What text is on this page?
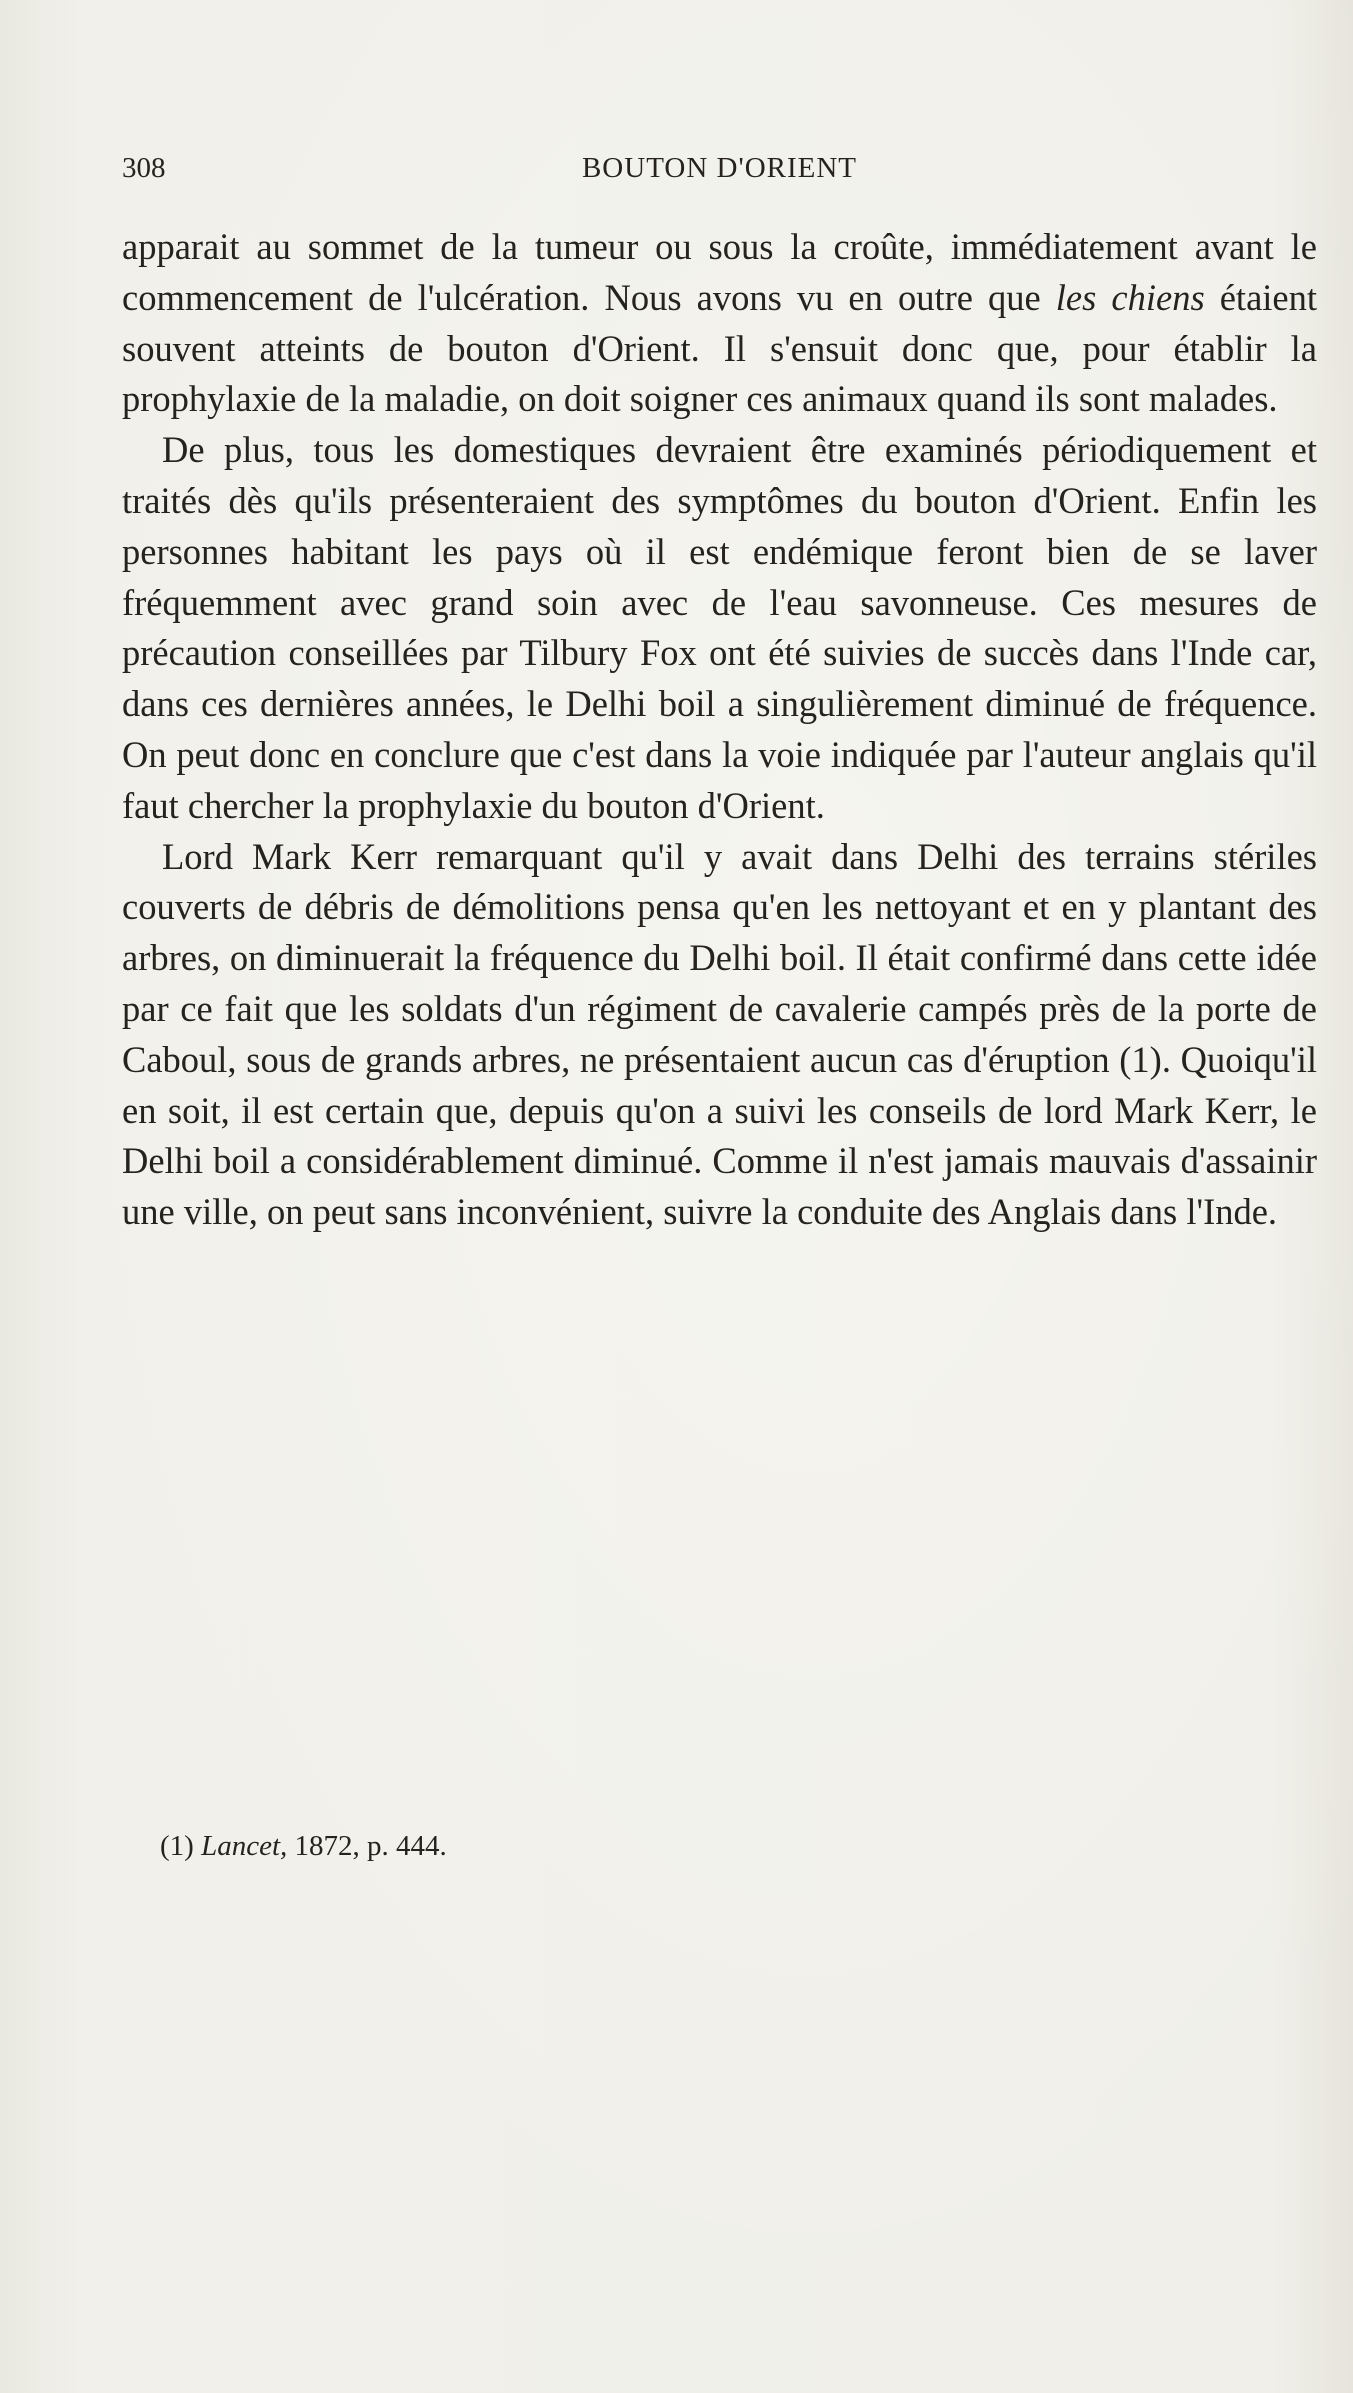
308	BOUTON D'ORIENT

apparait au sommet de la tumeur ou sous la croûte, immédiatement avant le commencement de l'ulcération. Nous avons vu en outre que les chiens étaient souvent atteints de bouton d'Orient. Il s'ensuit donc que, pour établir la prophylaxie de la maladie, on doit soigner ces animaux quand ils sont malades.

De plus, tous les domestiques devraient être examinés périodiquement et traités dès qu'ils présenteraient des symptômes du bouton d'Orient. Enfin les personnes habitant les pays où il est endémique feront bien de se laver fréquemment avec grand soin avec de l'eau savonneuse. Ces mesures de précaution conseillées par Tilbury Fox ont été suivies de succès dans l'Inde car, dans ces dernières années, le Delhi boil a singulièrement diminué de fréquence. On peut donc en conclure que c'est dans la voie indiquée par l'auteur anglais qu'il faut chercher la prophylaxie du bouton d'Orient.

Lord Mark Kerr remarquant qu'il y avait dans Delhi des terrains stériles couverts de débris de démolitions pensa qu'en les nettoyant et en y plantant des arbres, on diminuerait la fréquence du Delhi boil. Il était confirmé dans cette idée par ce fait que les soldats d'un régiment de cavalerie campés près de la porte de Caboul, sous de grands arbres, ne présentaient aucun cas d'éruption (1). Quoiqu'il en soit, il est certain que, depuis qu'on a suivi les conseils de lord Mark Kerr, le Delhi boil a considérablement diminué. Comme il n'est jamais mauvais d'assainir une ville, on peut sans inconvénient, suivre la conduite des Anglais dans l'Inde.

(1) Lancet, 1872, p. 444.
